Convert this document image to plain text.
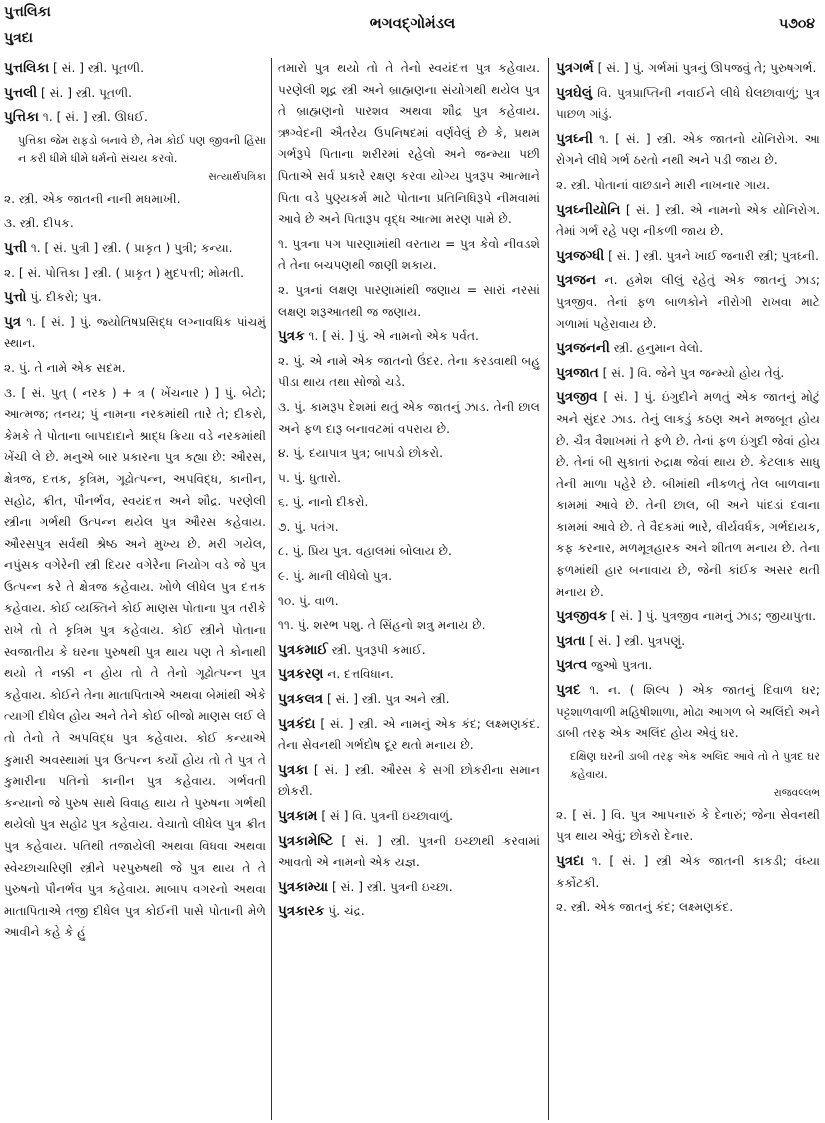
પુત્તલિકા
પુત્રદા
ભગવદ્ગોમંડલ	૫૭૦૪
પુત્તલિકા [ સં. ] સ્ત્રી. પૂતળી.
પુત્તલી [ સં. ] સ્ત્રી. પૂતળી.
પુત્તિકા ૧. [ સં. ] સ્ત્રી. ઊધઈ.
પુત્તિકા જેમ રાફડો બનાવે છે, તેમ કોઈ પણ જીવની હિંસા ન કરી ધીમે ધીમે ધર્મનો સંચય કરવો.
સત્યાર્થપત્રિકા
૨. સ્ત્રી. એક જાતની નાની મધમાખી.
૩. સ્ત્રી. દીપક.
પુત્તી ૧. [ સં. પુત્રી ] સ્ત્રી. ( પ્રાકૃત ) પુત્રી; કન્યા.
૨. [ સં. પોત્તિકા ] સ્ત્રી. ( પ્રાકૃત ) મુદપત્તી; મોમતી.
પુત્તો પું. દીકરો; પુત્ર.
પુત્ર ૧. [ સં. ] પું. જ્યોતિષપ્રસિદ્ધ લગ્નાવધિક પાંચમું સ્થાન.
૨. પું. તે નામે એક સદમ.
૩. [ સં. પુત્ ( નરક ) + ત્ર ( ખેંચનાર ) ] પું. બેટો; આત્મજ; તનય; પું નામના નરકમાંથી તારે તે; દીકરો, કેમકે તે પોતાના બાપદાદાને શ્રાદ્ધ ક્રિયા વડે નરકમાંથી ખેંચી લે છે. મનુએ બાર પ્રકારના પુત્ર કહ્યા છે: ઔરસ, ક્ષેત્રજ, દત્તક, કૃત્રિમ, ગૂઢોત્પન્ન, અપવિદ્ધ, કાનીન, સહોઢ, ક્રીત, પૌનર્ભવ, સ્વયંદત્ત અને શૌદ્ર. પરણેલી સ્ત્રીના ગર્ભથી ઉત્પન્ન થયેલ પુત્ર ઔરસ કહેવાય. ઔરસપુત્ર સર્વથી શ્રેષ્ઠ અને મુખ્ય છે. મરી ગયેલ, નપુંસક વગેરેની સ્ત્રી દિયર વગેરેના નિયોગ વડે જે પુત્ર ઉત્પન્ન કરે તે ક્ષેત્રજ કહેવાય. ખોળે લીધેલ પુત્ર દત્તક કહેવાય. કોઈ વ્યક્તિને કોઈ માણસ પોતાના પુત્ર તરીકે રાખે તો તે કૃત્રિમ પુત્ર કહેવાય. કોઈ સ્ત્રીને પોતાના સ્વજાતીય કે ઘરના પુરુષથી પુત્ર થાય પણ તે કોનાથી થયો તે નક્કી ન હોય તો તે તેનો ગૂઢોત્પન્ન પુત્ર કહેવાય. કોઈને તેના માતાપિતાએ અથવા બેમાંથી એકે ત્યાગી દીધેલ હોય અને તેને કોઈ બીજો માણસ લઈ લે તો તેનો તે અપવિદ્ધ પુત્ર કહેવાય. કોઈ કન્યાએ કુમારી અવસ્થામાં પુત્ર ઉત્પન્ન કર્યો હોય તો તે પુત્ર તે કુમારીના પતિનો કાનીન પુત્ર કહેવાય. ગર્ભવતી કન્યાનો જે પુરુષ સાથે વિવાહ થાય તે પુરુષના ગર્ભથી થયેલો પુત્ર સહોઢ પુત્ર કહેવાય. વેચાતો લીધેલ પુત્ર ક્રીત પુત્ર કહેવાય. પતિથી તજાયેલી અથવા વિધવા અથવા સ્વેચ્છાચારિણી સ્ત્રીને પરપુરુષથી જે પુત્ર થાય તે તે પુરુષનો પૌનર્ભવ પુત્ર કહેવાય. માબાપ વગરનો અથવા માતાપિતાએ તજી દીધેલ પુત્ર કોઈની પાસે પોતાની મેળે આવીને કહે કે હું
તમારો પુત્ર થયો તો તે તેનો સ્વયંદત્ત પુત્ર કહેવાય. પરણેલી શૂદ્ર સ્ત્રી અને બ્રાહ્મણના સંયોગથી થયેલ પુત્ર તે બ્રાહ્મણનો પારશવ અથવા શૌદ્ર પુત્ર કહેવાય. ઋગ્વેદની ઐતરેય ઉપનિષદમાં વર્ણવેલું છે કે, પ્રથમ ગર્ભરૂપે પિતાના શરીરમાં રહેલો અને જન્મ્યા પછી પિતાએ સર્વ પ્રકારે રક્ષણ કરવા યોગ્ય પુત્રરૂપ આત્માને પિતા વડે પુણ્યકર્મ માટે પોતાના પ્રતિનિધિરૂપે નીમવામાં આવે છે અને પિતારૂપ વૃદ્ધ આત્મા મરણ પામે છે.
૧. પુત્રના પગ પારણામાંથી વરતાય = પુત્ર કેવો નીવડશે તે તેના બચપણથી જાણી શકાય.
૨. પુત્રનાં લક્ષણ પારણામાંથી જણાય = સારાં નરસાં લક્ષણ શરૂઆતથી જ જણાય.
પુત્રક ૧. [ સં. ] પું. એ નામનો એક પર્વત.
૨. પું. એ નામે એક જાતનો ઉંદર. તેના કરડવાથી બહુ પીડા થાય તથા સોજો ચડે.
૩. પું. કામરૂપ દેશમાં થતું એક જાતનું ઝાડ. તેની છાલ અને ફળ દારૂ બનાવટમાં વપરાય છે.
૪. પું. દયાપાત્ર પુત્ર; બાપડો છોકરો.
૫. પું. ધુતારો.
૬. પું. નાનો દીકરો.
૭. પું. પતંગ.
૮. પું. પ્રિય પુત્ર. વહાલમાં બોલાય છે.
૯. પું. માની લીધેલો પુત્ર.
૧૦. પું. વાળ.
૧૧. પું. શરભ પશુ. તે સિંહનો શત્રુ મનાય છે.
પુત્રકમાઈ સ્ત્રી. પુત્રરૂપી કમાઈ.
પુત્રકરણ ન. દત્તવિધાન.
પુત્રકલત્ર [ સં. ] સ્ત્રી. પુત્ર અને સ્ત્રી.
પુત્રકંદા [ સં. ] સ્ત્રી. એ નામનું એક કંદ; લક્ષ્મણકંદ. તેના સેવનથી ગર્ભદોષ દૂર થતો મનાય છે.
પુત્રકા [ સં. ] સ્ત્રી. ઔરસ કે સગી છોકરીના સમાન છોકરી.
પુત્રકામ [ સં ] વિ. પુત્રની ઇચ્છાવાળું.
પુત્રકામેષ્ટિ [ સં. ] સ્ત્રી. પુત્રની ઇચ્છાથી કરવામાં આવતો એ નામનો એક યજ્ઞ.
પુત્રકામ્યા [ સં. ] સ્ત્રી. પુત્રની ઇચ્છા.
પુત્રકારક પું. ચંદ્ર.
પુત્રગર્ભ [ સં. ] પું. ગર્ભમાં પુત્રનું ઊપજવું તે; પુરુષગર્ભ.
પુત્રઘેલું વિ. પુત્રપ્રાપ્તિની નવાઈને લીધે ઘેલછાવાળું; પુત્ર પાછળ ગાંડું.
પુત્રઘ્ની ૧. [ સં. ] સ્ત્રી. એક જાતનો યોનિરોગ. આ રોગને લીધે ગર્ભ ઠરતો નથી અને પડી જાય છે.
૨. સ્ત્રી. પોતાનાં વાછડાને મારી નાખનાર ગાય.
પુત્રઘ્નીયોનિ [ સં. ] સ્ત્રી. એ નામનો એક યોનિરોગ. તેમાં ગર્ભ રહે પણ નીકળી જાય છે.
પુત્રજગ્ધી [ સં. ] સ્ત્રી. પુત્રને ખાઈ જનારી સ્ત્રી; પુત્રઘ્ની.
પુત્રજન ન. હમેશ લીલું રહેતું એક જાતનું ઝાડ; પુત્રજીવ. તેનાં ફળ બાળકોને નીરોગી રાખવા માટે ગળામાં પહેરાવાય છે.
પુત્રજનની સ્ત્રી. હનુમાન વેલો.
પુત્રજાત [ સં. ] વિ. જેને પુત્ર જન્મ્યો હોય તેવું.
પુત્રજીવ [ સં. ] પું. ઇંગુદીને મળતું એક જાતનું મોટું અને સુંદર ઝાડ. તેનું લાકડું કઠણ અને મજબૂત હોય છે. ચૈત્ર વૈશાખમાં તે ફળે છે. તેનાં ફળ ઇંગુદી જેવાં હોય છે. તેનાં બી સુકાતાં રુદ્રાક્ષ જેવાં થાય છે. કેટલાક સાધુ તેની માળા પહેરે છે. બીમાંથી નીકળતું તેલ બાળવાના કામમાં આવે છે. તેની છાલ, બી અને પાંદડાં દવાના કામમાં આવે છે. તે વૈદકમાં ભારે, વીર્યવર્ધક, ગર્ભદાયક, કફ કરનાર, મળમૂત્રહારક અને શીતળ મનાય છે. તેના ફળમાંથી હાર બનાવાય છે, જેની કાંઈક અસર થતી મનાય છે.
પુત્રજીવક [ સં. ] પું. પુત્રજીવ નામનું ઝાડ; જીયાપુતા.
પુત્રતા [ સં. ] સ્ત્રી. પુત્રપણું.
પુત્રત્વ જુઓ પુત્રતા.
પુત્રદ ૧. ન. ( શિલ્પ ) એક જાતનું દિવાળ ઘર; પટ્ટશાળવાળી મહિષીશાળા, મોઢા આગળ બે અલિંદો અને ડાબી તરફ એક અલિંદ હોય એવું ઘર.
દક્ષિણ ઘરની ડાબી તરફ એક અલિંદ આવે તો તે પુત્રદ ઘર કહેવાય.
રાજવલ્લભ
૨. [ સં. ] વિ. પુત્ર આપનારું કે દેનારું; જેના સેવનથી પુત્ર થાય એવું; છોકરો દેનાર.
પુત્રદા ૧. [ સં. ] સ્ત્રી એક જાતની કાકડી; વંધ્યા કર્કોટકી.
૨. સ્ત્રી. એક જાતનું કંદ; લક્ષ્મણકંદ.
